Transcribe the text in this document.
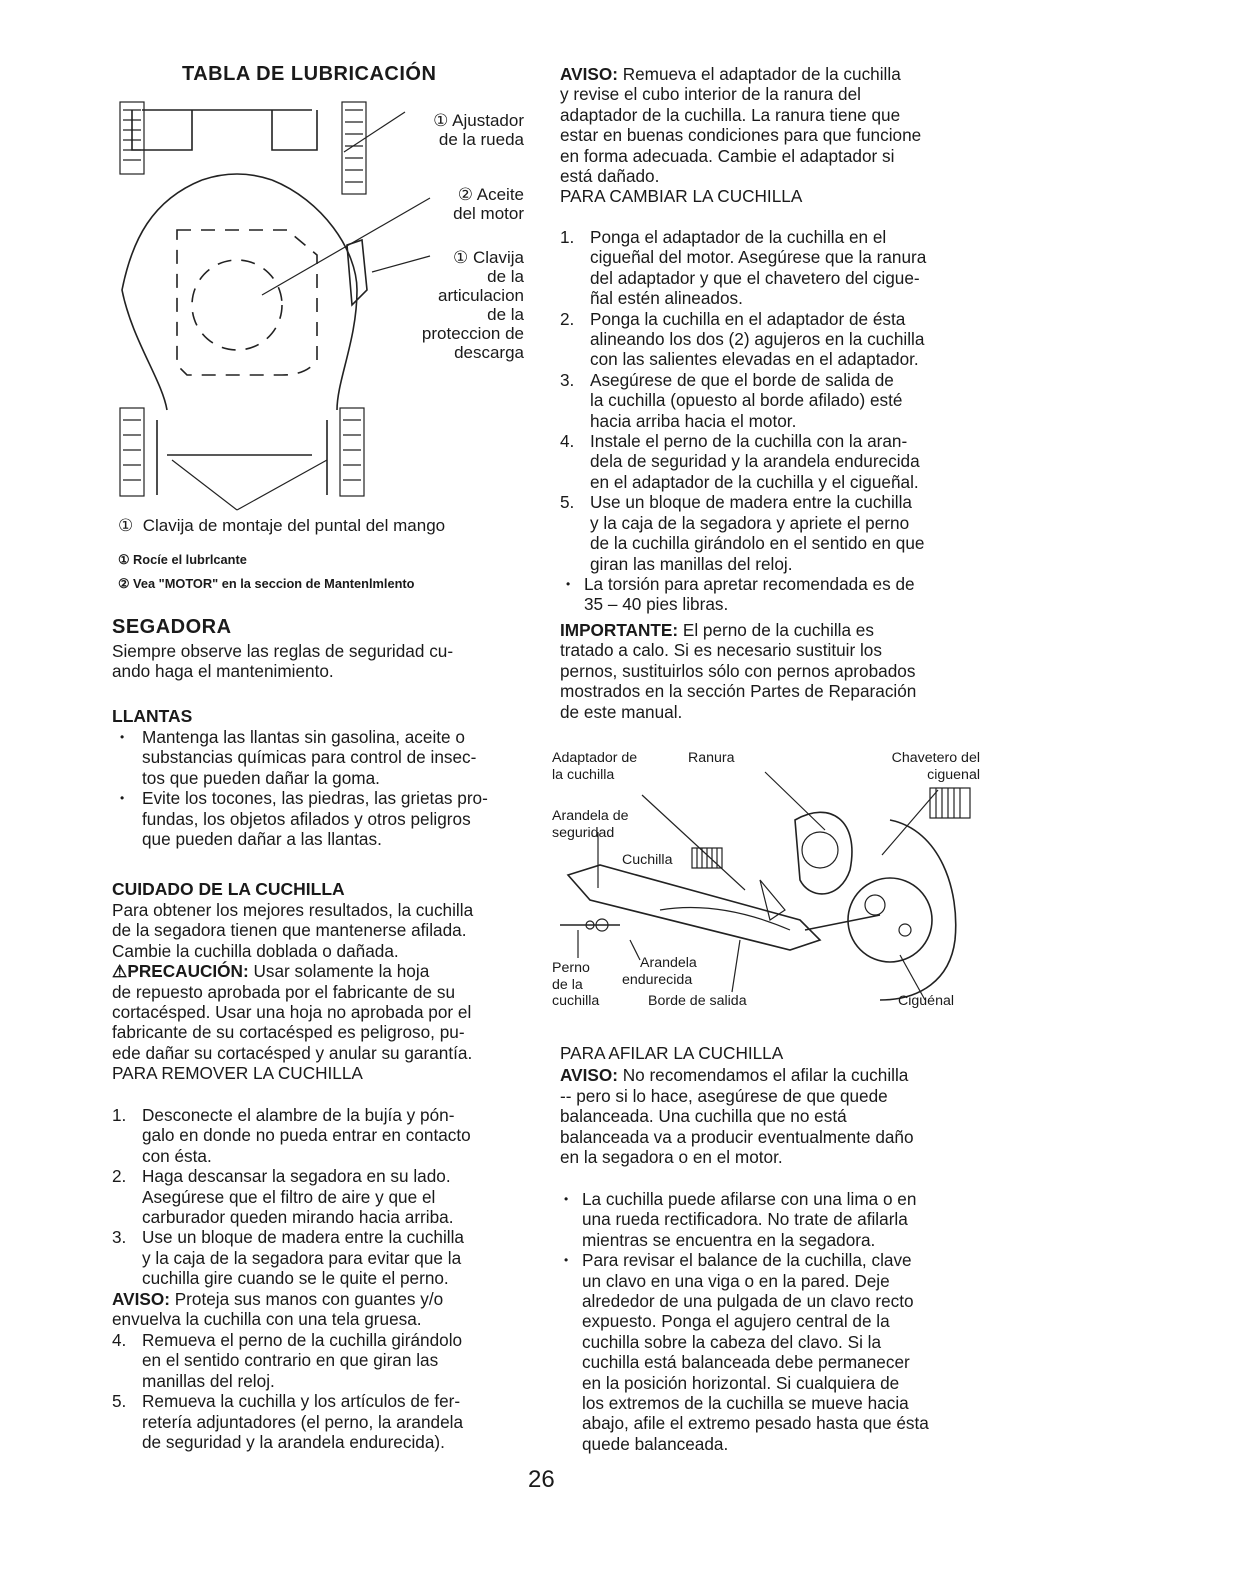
TABLA DE LUBRICACIÓN
① Ajustador
de la rueda
② Aceite
del motor
① Clavija
de la
articulacion
de la
proteccion de
descarga
① Clavija de montaje del puntal del mango
① Rocíe el lubrlcante
② Vea "MOTOR" en la seccion de Mantenlmlento
SEGADORA
Siempre observe las reglas de seguridad cu-
ando haga el mantenimiento.
LLANTAS
• Mantenga las llantas sin gasolina, aceite o
substancias químicas para control de insec-
tos que pueden dañar la goma.
• Evite los tocones, las piedras, las grietas pro-
fundas, los objetos afilados y otros peligros
que pueden dañar a las llantas.
CUIDADO DE LA CUCHILLA
Para obtener los mejores resultados, la cuchilla
de la segadora tienen que mantenerse afilada.
Cambie la cuchilla doblada o dañada.
⚠PRECAUCIÓN: Usar solamente la hoja
de repuesto aprobada por el fabricante de su
cortacésped. Usar una hoja no aprobada por el
fabricante de su cortacésped es peligroso, pu-
ede dañar su cortacésped y anular su garantía.
PARA REMOVER LA CUCHILLA
1. Desconecte el alambre de la bujía y pón-
galo en donde no pueda entrar en contacto
con ésta.
2. Haga descansar la segadora en su lado.
Asegúrese que el filtro de aire y que el
carburador queden mirando hacia arriba.
3. Use un bloque de madera entre la cuchilla
y la caja de la segadora para evitar que la
cuchilla gire cuando se le quite el perno.
AVISO: Proteja sus manos con guantes y/o
envuelva la cuchilla con una tela gruesa.
4. Remueva el perno de la cuchilla girándolo
en el sentido contrario en que giran las
manillas del reloj.
5. Remueva la cuchilla y los artículos de fer-
retería adjuntadores (el perno, la arandela
de seguridad y la arandela endurecida).
AVISO: Remueva el adaptador de la cuchilla
y revise el cubo interior de la ranura del
adaptador de la cuchilla. La ranura tiene que
estar en buenas condiciones para que funcione
en forma adecuada. Cambie el adaptador si
está dañado.
PARA CAMBIAR LA CUCHILLA
1. Ponga el adaptador de la cuchilla en el
cigueñal del motor. Asegúrese que la ranura
del adaptador y que el chavetero del cigue-
ñal estén alineados.
2. Ponga la cuchilla en el adaptador de ésta
alineando los dos (2) agujeros en la cuchilla
con las salientes elevadas en el adaptador.
3. Asegúrese de que el borde de salida de
la cuchilla (opuesto al borde afilado) esté
hacia arriba hacia el motor.
4. Instale el perno de la cuchilla con la aran-
dela de seguridad y la arandela endurecida
en el adaptador de la cuchilla y el cigueñal.
5. Use un bloque de madera entre la cuchilla
y la caja de la segadora y apriete el perno
de la cuchilla girándolo en el sentido en que
giran las manillas del reloj.
• La torsión para apretar recomendada es de
35 – 40 pies libras.
IMPORTANTE: El perno de la cuchilla es
tratado a calo. Si es necesario sustituir los
pernos, sustituirlos sólo con pernos aprobados
mostrados en la sección Partes de Reparación
de este manual.
Adaptador de
la cuchilla
Ranura	Chavetero del
ciguenal
Arandela de
seguridad
Cuchilla
Perno
de la
cuchilla
Arandela
endurecida
Borde de salida	Ciguénal
PARA AFILAR LA CUCHILLA
AVISO: No recomendamos el afilar la cuchilla
-- pero si lo hace, asegúrese de que quede
balanceada. Una cuchilla que no está
balanceada va a producir eventualmente daño
en la segadora o en el motor.
• La cuchilla puede afilarse con una lima o en
una rueda rectificadora. No trate de afilarla
mientras se encuentra en la segadora.
• Para revisar el balance de la cuchilla, clave
un clavo en una viga o en la pared. Deje
alrededor de una pulgada de un clavo recto
expuesto. Ponga el agujero central de la
cuchilla sobre la cabeza del clavo. Si la
cuchilla está balanceada debe permanecer
en la posición horizontal. Si cualquiera de
los extremos de la cuchilla se mueve hacia
abajo, afile el extremo pesado hasta que ésta
quede balanceada.
26
